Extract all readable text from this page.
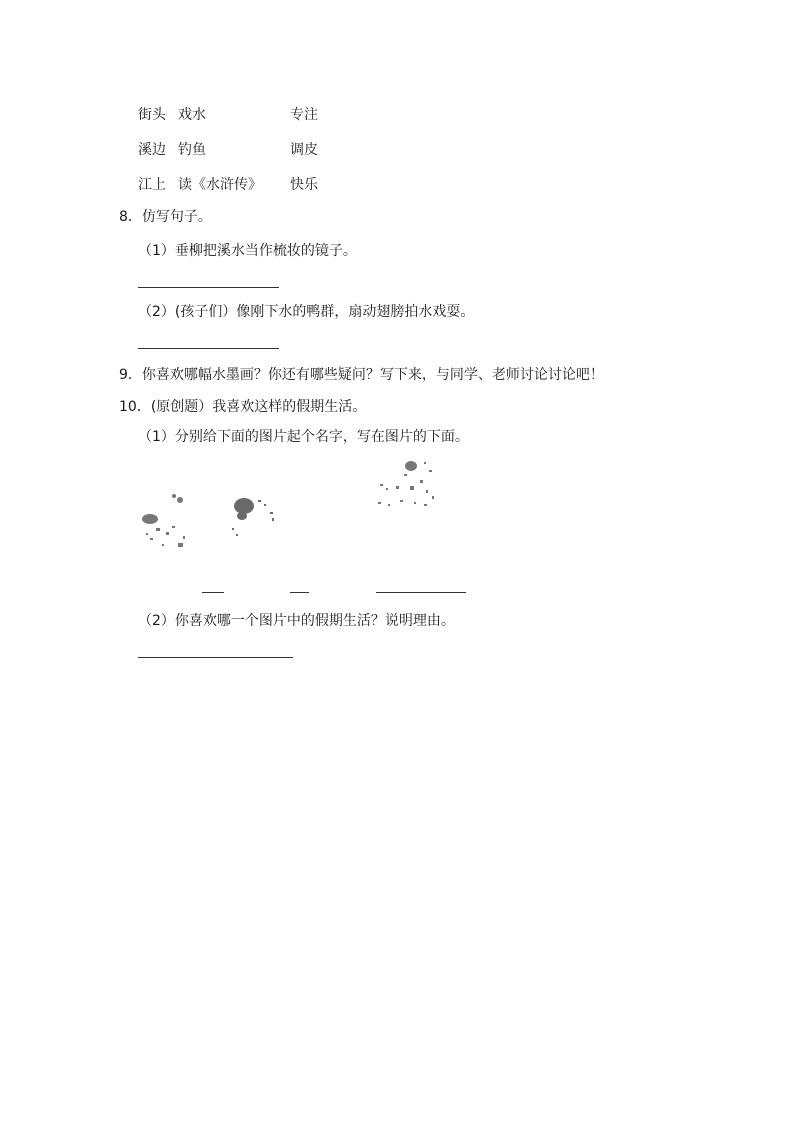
街头 戏水	专注
溪边 钓鱼	调皮
江上 读《水浒传》 快乐
8．仿写句子。
（1）垂柳把溪水当作梳妆的镜子。
（2）(孩子们）像刚下水的鸭群，扇动翅膀拍水戏耍。
9．你喜欢哪幅水墨画？你还有哪些疑问？写下来，与同学、老师讨论讨论吧！
10．(原创题）我喜欢这样的假期生活。
（1）分别给下面的图片起个名字，写在图片的下面。
（2）你喜欢哪一个图片中的假期生活？说明理由。
